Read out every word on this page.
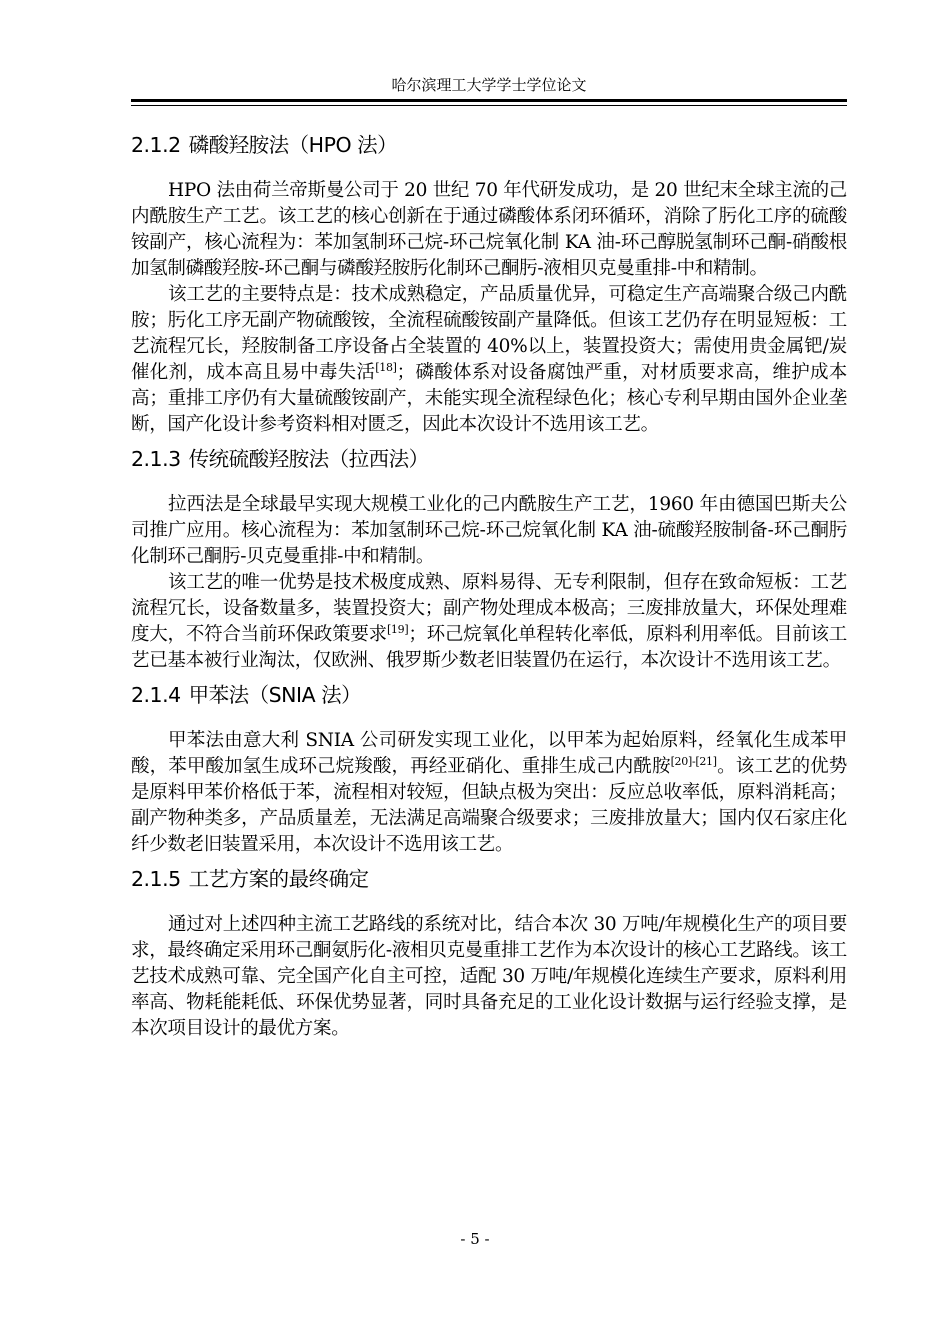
哈尔滨理工大学学士学位论文
2.1.2 磷酸羟胺法（HPO 法）

HPO 法由荷兰帝斯曼公司于 20 世纪 70 年代研发成功，是 20 世纪末全球主流的己内酰胺生产工艺。该工艺的核心创新在于通过磷酸体系闭环循环，消除了肟化工序的硫酸铵副产，核心流程为：苯加氢制环己烷-环己烷氧化制 KA 油-环己醇脱氢制环己酮-硝酸根加氢制磷酸羟胺-环己酮与磷酸羟胺肟化制环己酮肟-液相贝克曼重排-中和精制。

该工艺的主要特点是：技术成熟稳定，产品质量优异，可稳定生产高端聚合级己内酰胺；肟化工序无副产物硫酸铵，全流程硫酸铵副产量降低。但该工艺仍存在明显短板：工艺流程冗长，羟胺制备工序设备占全装置的 40%以上，装置投资大；需使用贵金属钯/炭催化剂，成本高且易中毒失活[18]；磷酸体系对设备腐蚀严重，对材质要求高，维护成本高；重排工序仍有大量硫酸铵副产，未能实现全流程绿色化；核心专利早期由国外企业垄断，国产化设计参考资料相对匮乏，因此本次设计不选用该工艺。

2.1.3 传统硫酸羟胺法（拉西法）

拉西法是全球最早实现大规模工业化的己内酰胺生产工艺，1960 年由德国巴斯夫公司推广应用。核心流程为：苯加氢制环己烷-环己烷氧化制 KA 油-硫酸羟胺制备-环己酮肟化制环己酮肟-贝克曼重排-中和精制。

该工艺的唯一优势是技术极度成熟、原料易得、无专利限制，但存在致命短板：工艺流程冗长，设备数量多，装置投资大；副产物处理成本极高；三废排放量大，环保处理难度大，不符合当前环保政策要求[19]；环己烷氧化单程转化率低，原料利用率低。目前该工艺已基本被行业淘汰，仅欧洲、俄罗斯少数老旧装置仍在运行，本次设计不选用该工艺。

2.1.4 甲苯法（SNIA 法）

甲苯法由意大利 SNIA 公司研发实现工业化，以甲苯为起始原料，经氧化生成苯甲酸，苯甲酸加氢生成环己烷羧酸，再经亚硝化、重排生成己内酰胺[20]-[21]。该工艺的优势是原料甲苯价格低于苯，流程相对较短，但缺点极为突出：反应总收率低，原料消耗高；副产物种类多，产品质量差，无法满足高端聚合级要求；三废排放量大；国内仅石家庄化纤少数老旧装置采用，本次设计不选用该工艺。

2.1.5 工艺方案的最终确定

通过对上述四种主流工艺路线的系统对比，结合本次 30 万吨/年规模化生产的项目要求，最终确定采用环己酮氨肟化-液相贝克曼重排工艺作为本次设计的核心工艺路线。该工艺技术成熟可靠、完全国产化自主可控，适配 30 万吨/年规模化连续生产要求，原料利用率高、物耗能耗低、环保优势显著，同时具备充足的工业化设计数据与运行经验支撑，是本次项目设计的最优方案。

- 5 -
